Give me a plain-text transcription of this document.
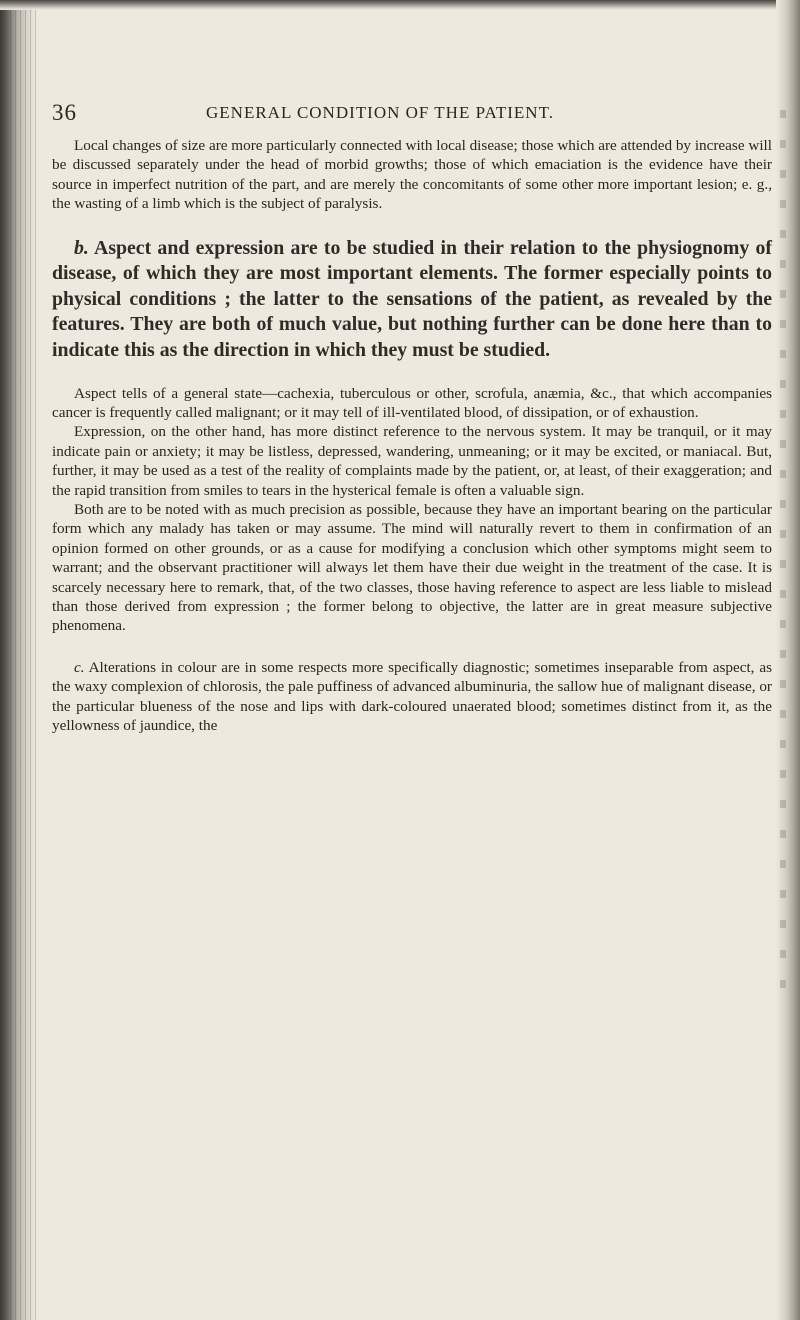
36	GENERAL CONDITION OF THE PATIENT.

Local changes of size are more particularly connected with local disease; those which are attended by increase will be discussed separately under the head of morbid growths; those of which emaciation is the evidence have their source in imperfect nutrition of the part, and are merely the concomitants of some other more important lesion; e. g., the wasting of a limb which is the subject of paralysis.

b. Aspect and expression are to be studied in their relation to the physiognomy of disease, of which they are most important elements. The former especially points to physical conditions ; the latter to the sensations of the patient, as revealed by the features. They are both of much value, but nothing further can be done here than to indicate this as the direction in which they must be studied.

Aspect tells of a general state—cachexia, tuberculous or other, scrofula, anæmia, &c., that which accompanies cancer is frequently called malignant; or it may tell of ill-ventilated blood, of dissipation, or of exhaustion.

Expression, on the other hand, has more distinct reference to the nervous system. It may be tranquil, or it may indicate pain or anxiety; it may be listless, depressed, wandering, unmeaning; or it may be excited, or maniacal. But, further, it may be used as a test of the reality of complaints made by the patient, or, at least, of their exaggeration; and the rapid transition from smiles to tears in the hysterical female is often a valuable sign.

Both are to be noted with as much precision as possible, because they have an important bearing on the particular form which any malady has taken or may assume. The mind will naturally revert to them in confirmation of an opinion formed on other grounds, or as a cause for modifying a conclusion which other symptoms might seem to warrant; and the observant practitioner will always let them have their due weight in the treatment of the case. It is scarcely necessary here to remark, that, of the two classes, those having reference to aspect are less liable to mislead than those derived from expression ; the former belong to objective, the latter are in great measure subjective phenomena.

c. Alterations in colour are in some respects more specifically diagnostic; sometimes inseparable from aspect, as the waxy complexion of chlorosis, the pale puffiness of advanced albuminuria, the sallow hue of malignant disease, or the particular blueness of the nose and lips with dark-coloured unaerated blood; sometimes distinct from it, as the yellowness of jaundice, the
